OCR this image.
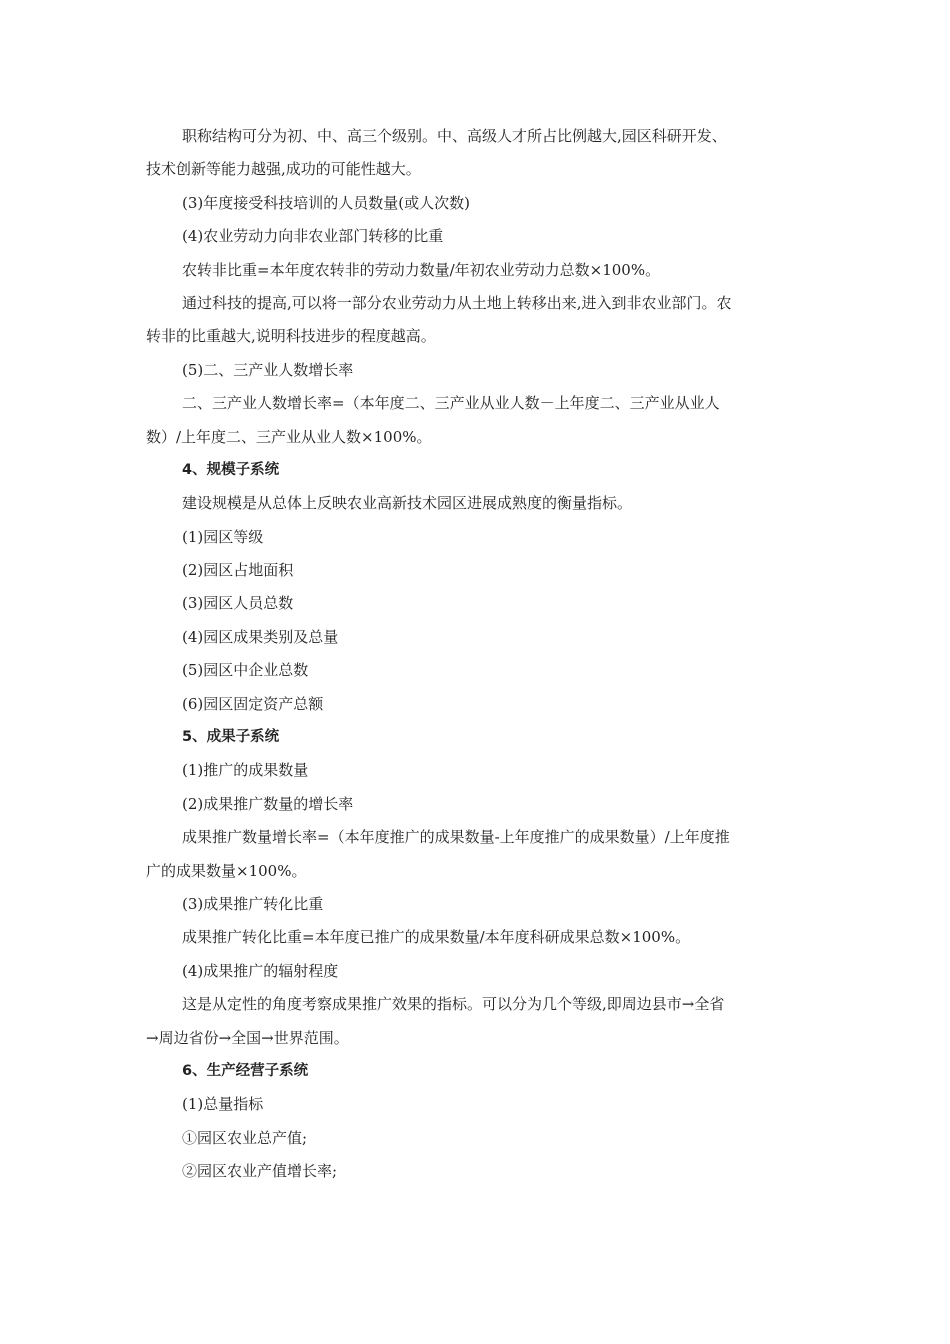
职称结构可分为初、中、高三个级别。中、高级人才所占比例越大,园区科研开发、
技术创新等能力越强,成功的可能性越大。
(3)年度接受科技培训的人员数量(或人次数)
(4)农业劳动力向非农业部门转移的比重
农转非比重=本年度农转非的劳动力数量/年初农业劳动力总数×100%。
通过科技的提高,可以将一部分农业劳动力从土地上转移出来,进入到非农业部门。农
转非的比重越大,说明科技进步的程度越高。
(5)二、三产业人数增长率
二、三产业人数增长率=（本年度二、三产业从业人数－上年度二、三产业从业人
数）/上年度二、三产业从业人数×100%。
4、规模子系统
建设规模是从总体上反映农业高新技术园区进展成熟度的衡量指标。
(1)园区等级
(2)园区占地面积
(3)园区人员总数
(4)园区成果类别及总量
(5)园区中企业总数
(6)园区固定资产总额
5、成果子系统
(1)推广的成果数量
(2)成果推广数量的增长率
成果推广数量增长率=（本年度推广的成果数量-上年度推广的成果数量）/上年度推
广的成果数量×100%。
(3)成果推广转化比重
成果推广转化比重=本年度已推广的成果数量/本年度科研成果总数×100%。
(4)成果推广的辐射程度
这是从定性的角度考察成果推广效果的指标。可以分为几个等级,即周边县市→全省
→周边省份→全国→世界范围。
6、生产经营子系统
(1)总量指标
①园区农业总产值;
②园区农业产值增长率;
